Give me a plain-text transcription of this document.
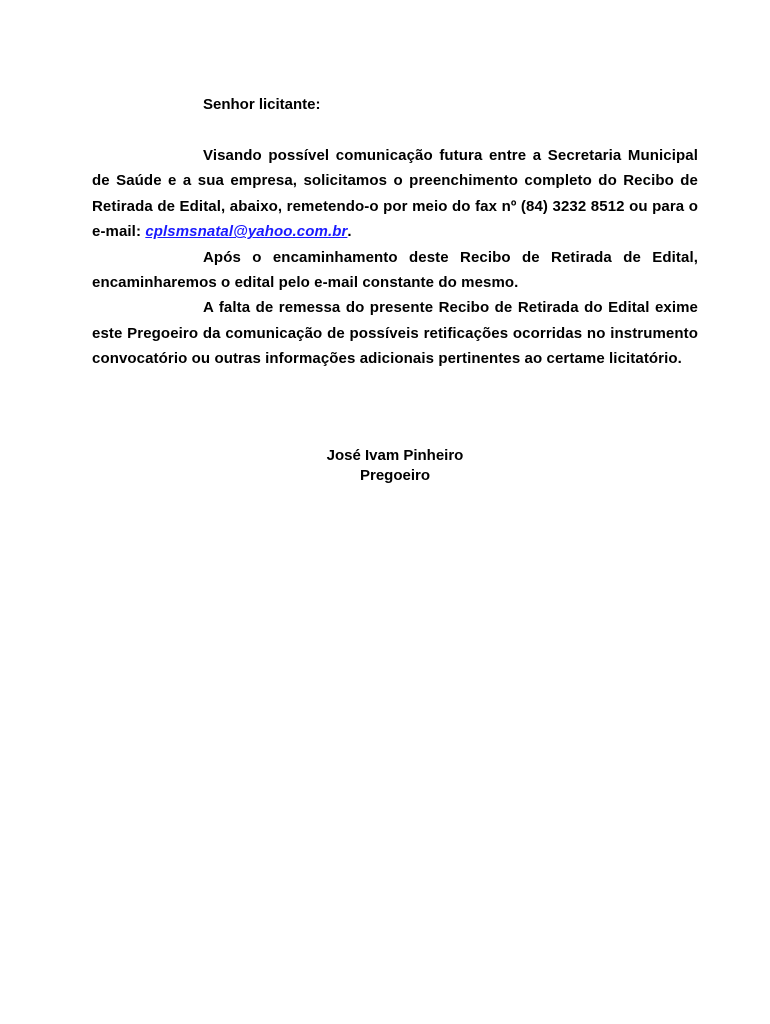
Senhor licitante:

Visando possível comunicação futura entre a Secretaria Municipal de Saúde e a sua empresa, solicitamos o preenchimento completo do Recibo de Retirada de Edital, abaixo, remetendo-o por meio do fax nº (84) 3232 8512 ou para o e-mail: cplsmsnatal@yahoo.com.br.

Após o encaminhamento deste Recibo de Retirada de Edital, encaminharemos o edital pelo e-mail constante do mesmo.

A falta de remessa do presente Recibo de Retirada do Edital exime este Pregoeiro da comunicação de possíveis retificações ocorridas no instrumento convocatório ou outras informações adicionais pertinentes ao certame licitatório.

José Ivam Pinheiro
Pregoeiro
